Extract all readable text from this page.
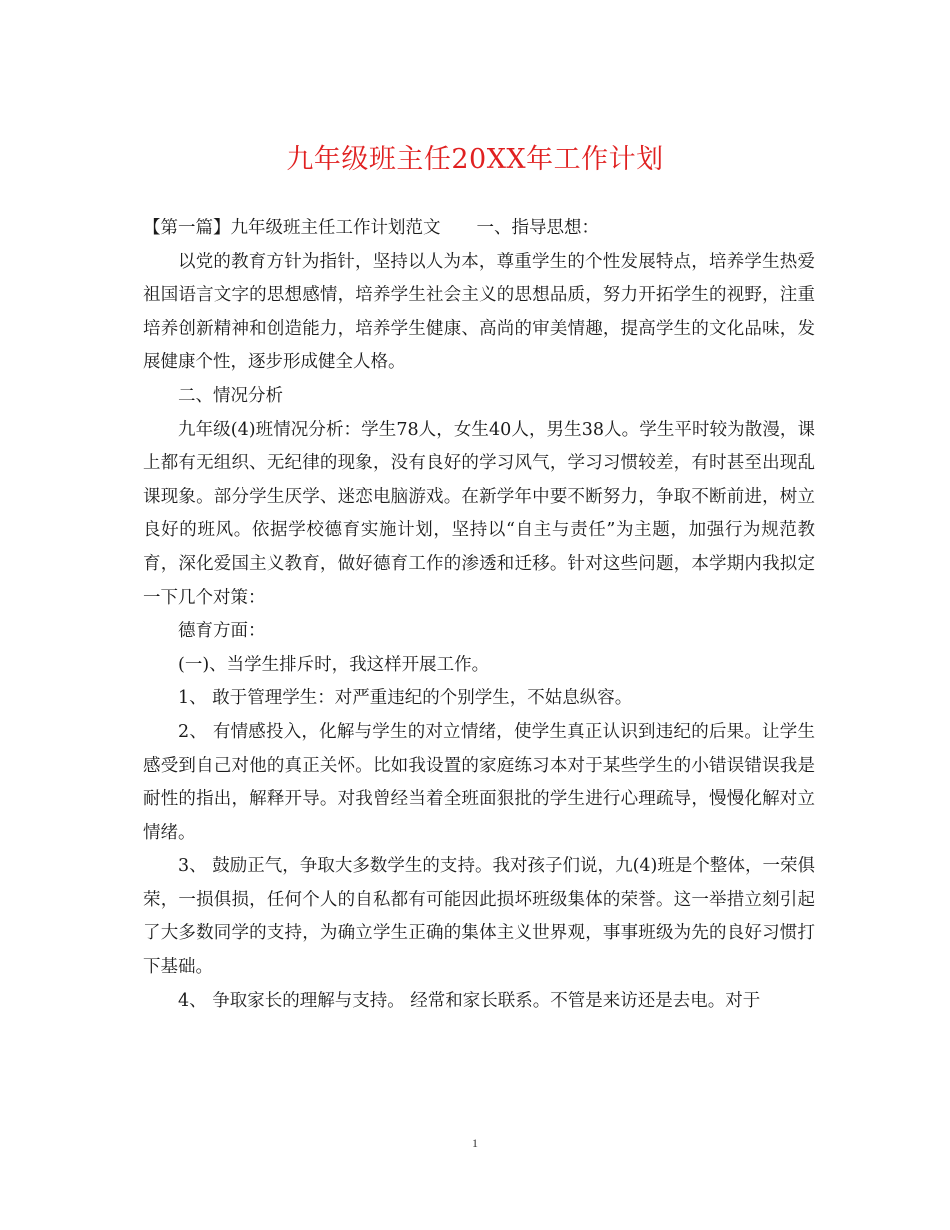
九年级班主任20XX年工作计划

【第一篇】九年级班主任工作计划范文 一、指导思想：

以党的教育方针为指针，坚持以人为本，尊重学生的个性发展特点，培养学生热爱祖国语言文字的思想感情，培养学生社会主义的思想品质，努力开拓学生的视野，注重培养创新精神和创造能力，培养学生健康、高尚的审美情趣，提高学生的文化品味，发展健康个性，逐步形成健全人格。

二、情况分析

九年级(4)班情况分析：学生78人，女生40人，男生38人。学生平时较为散漫，课上都有无组织、无纪律的现象，没有良好的学习风气，学习习惯较差，有时甚至出现乱课现象。部分学生厌学、迷恋电脑游戏。在新学年中要不断努力，争取不断前进，树立良好的班风。依据学校德育实施计划，坚持以“自主与责任”为主题，加强行为规范教育，深化爱国主义教育，做好德育工作的渗透和迁移。针对这些问题，本学期内我拟定一下几个对策：

德育方面：

(一)、当学生排斥时，我这样开展工作。

1、 敢于管理学生：对严重违纪的个别学生，不姑息纵容。

2、 有情感投入，化解与学生的对立情绪，使学生真正认识到违纪的后果。让学生感受到自己对他的真正关怀。比如我设置的家庭练习本对于某些学生的小错误错误我是耐性的指出，解释开导。对我曾经当着全班面狠批的学生进行心理疏导，慢慢化解对立情绪。

3、 鼓励正气，争取大多数学生的支持。我对孩子们说，九(4)班是个整体，一荣俱荣，一损俱损，任何个人的自私都有可能因此损坏班级集体的荣誉。这一举措立刻引起了大多数同学的支持，为确立学生正确的集体主义世界观，事事班级为先的良好习惯打下基础。

4、 争取家长的理解与支持。 经常和家长联系。不管是来访还是去电。对于

1
